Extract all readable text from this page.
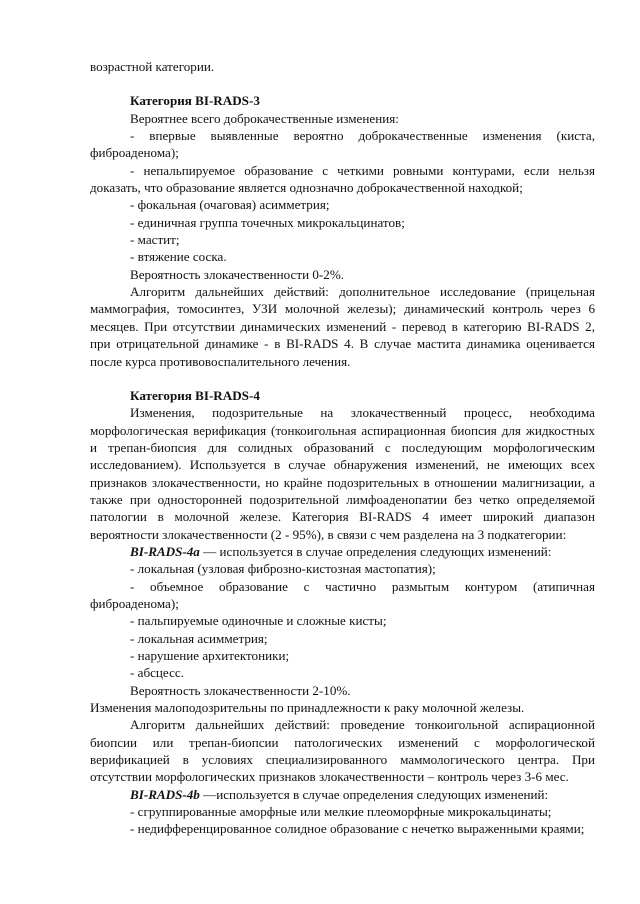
возрастной категории.

Категория BI-RADS-3

Вероятнее всего доброкачественные изменения:

- впервые выявленные вероятно доброкачественные изменения (киста, фиброаденома);

- непальпируемое образование с четкими ровными контурами, если нельзя доказать, что образование является однозначно доброкачественной находкой;

- фокальная (очаговая) асимметрия;

- единичная группа точечных микрокальцинатов;

- мастит;

- втяжение соска.

Вероятность злокачественности 0-2%.

Алгоритм дальнейших действий: дополнительное исследование (прицельная маммография, томосинтез, УЗИ молочной железы); динамический контроль через 6 месяцев. При отсутствии динамических изменений - перевод в категорию BI-RADS 2, при отрицательной динамике - в BI-RADS 4. В случае мастита динамика оценивается после курса противовоспалительного лечения.

Категория BI-RADS-4

Изменения, подозрительные на злокачественный процесс, необходима морфологическая верификация (тонкоигольная аспирационная биопсия для жидкостных и трепан-биопсия для солидных образований с последующим морфологическим исследованием). Используется в случае обнаружения изменений, не имеющих всех признаков злокачественности, но крайне подозрительных в отношении малигнизации, а также при односторонней подозрительной лимфоаденопатии без четко определяемой патологии в молочной железе. Категория BI-RADS 4 имеет широкий диапазон вероятности злокачественности (2 - 95%), в связи с чем разделена на 3 подкатегории:

BI-RADS-4a — используется в случае определения следующих изменений:

- локальная (узловая фиброзно-кистозная мастопатия);

- объемное образование с частично размытым контуром (атипичная фиброаденома);

- пальпируемые одиночные и сложные кисты;

- локальная асимметрия;

- нарушение архитектоники;

- абсцесс.

Вероятность злокачественности 2-10%.

Изменения малоподозрительны по принадлежности к раку молочной железы.

Алгоритм дальнейших действий: проведение тонкоигольной аспирационной биопсии или трепан-биопсии патологических изменений с морфологической верификацией в условиях специализированного маммологического центра. При отсутствии морфологических признаков злокачественности – контроль через 3-6 мес.

BI-RADS-4b —используется в случае определения следующих изменений:

- сгруппированные аморфные или мелкие плеоморфные микрокальцинаты;

- недифференцированное солидное образование с нечетко выраженными краями;
